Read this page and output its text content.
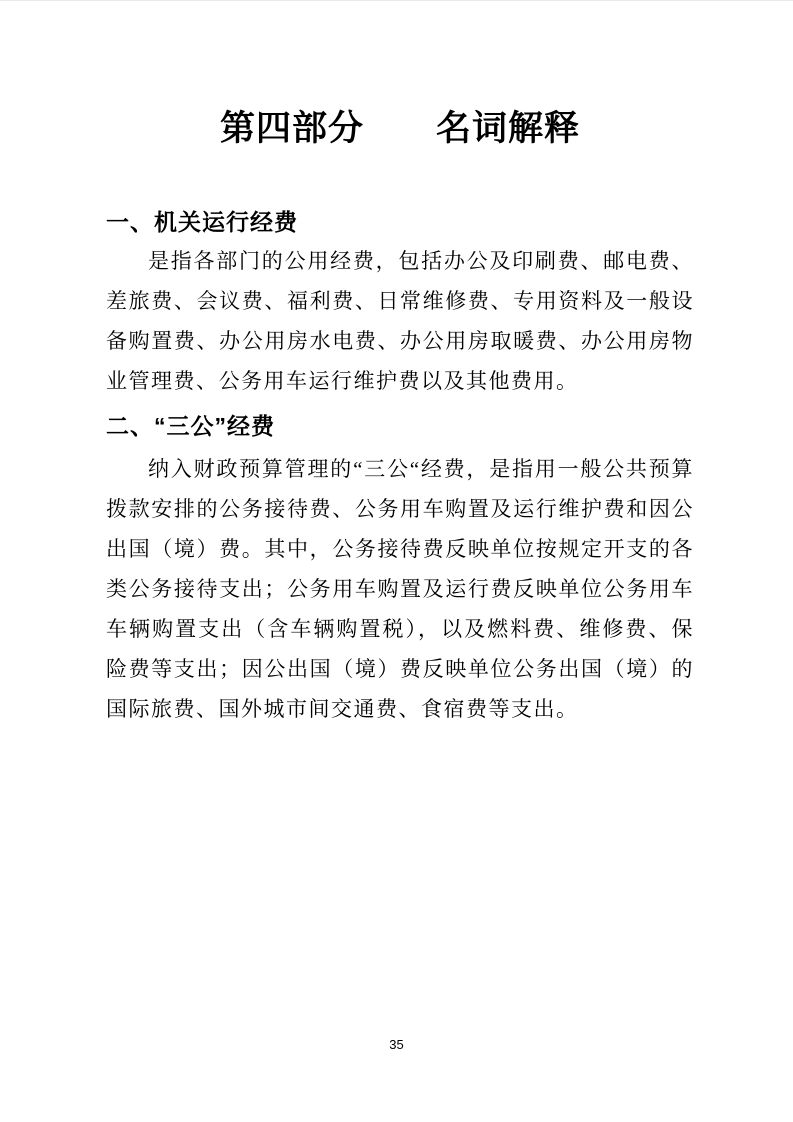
第四部分　　名词解释
一、机关运行经费

是指各部门的公用经费，包括办公及印刷费、邮电费、差旅费、会议费、福利费、日常维修费、专用资料及一般设备购置费、办公用房水电费、办公用房取暖费、办公用房物业管理费、公务用车运行维护费以及其他费用。

二、“三公”经费

纳入财政预算管理的“三公“经费，是指用一般公共预算拨款安排的公务接待费、公务用车购置及运行维护费和因公出国（境）费。其中，公务接待费反映单位按规定开支的各类公务接待支出；公务用车购置及运行费反映单位公务用车车辆购置支出（含车辆购置税），以及燃料费、维修费、保险费等支出；因公出国（境）费反映单位公务出国（境）的国际旅费、国外城市间交通费、食宿费等支出。

35
